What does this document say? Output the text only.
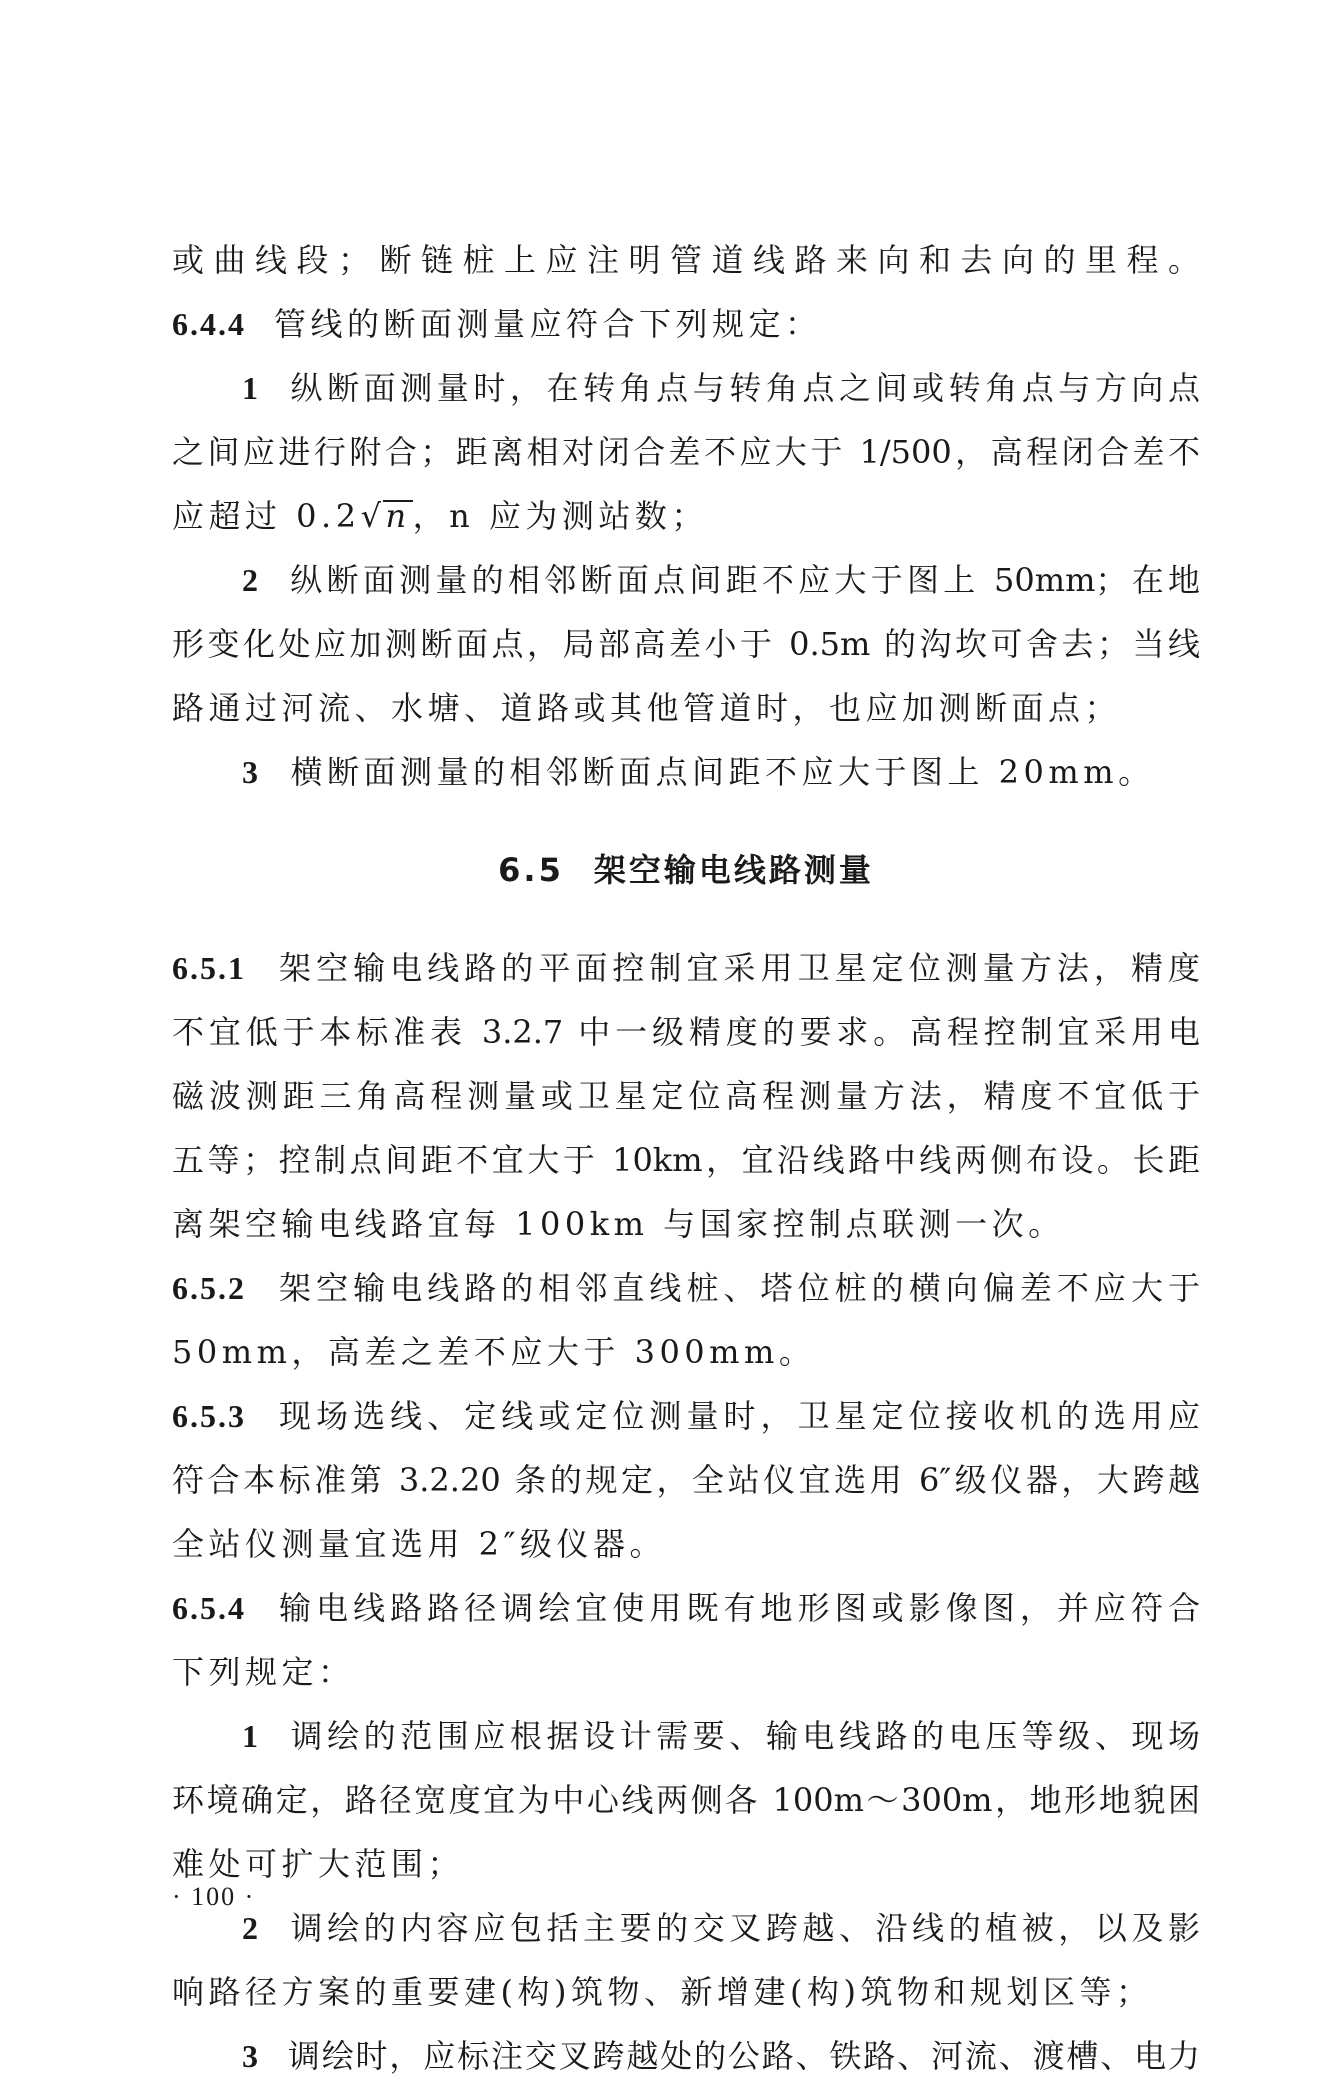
或曲线段；断链桩上应注明管道线路来向和去向的里程。
6.4.4 管线的断面测量应符合下列规定：
1 纵断面测量时，在转角点与转角点之间或转角点与方向点
之间应进行附合；距离相对闭合差不应大于 1/500，高程闭合差不
应超过 0.2√n，n 应为测站数；
2 纵断面测量的相邻断面点间距不应大于图上 50mm；在地
形变化处应加测断面点，局部高差小于 0.5m 的沟坎可舍去；当线
路通过河流、水塘、道路或其他管道时，也应加测断面点；
3 横断面测量的相邻断面点间距不应大于图上 20mm。
6.5 架空输电线路测量
6.5.1 架空输电线路的平面控制宜采用卫星定位测量方法，精度
不宜低于本标准表 3.2.7 中一级精度的要求。高程控制宜采用电
磁波测距三角高程测量或卫星定位高程测量方法，精度不宜低于
五等；控制点间距不宜大于 10km，宜沿线路中线两侧布设。长距
离架空输电线路宜每 100km 与国家控制点联测一次。
6.5.2 架空输电线路的相邻直线桩、塔位桩的横向偏差不应大于
50mm，高差之差不应大于 300mm。
6.5.3 现场选线、定线或定位测量时，卫星定位接收机的选用应
符合本标准第 3.2.20 条的规定，全站仪宜选用 6″级仪器，大跨越
全站仪测量宜选用 2″级仪器。
6.5.4 输电线路路径调绘宜使用既有地形图或影像图，并应符合
下列规定：
1 调绘的范围应根据设计需要、输电线路的电压等级、现场
环境确定，路径宽度宜为中心线两侧各 100m～300m，地形地貌困
难处可扩大范围；
2 调绘的内容应包括主要的交叉跨越、沿线的植被，以及影
响路径方案的重要建(构)筑物、新增建(构)筑物和规划区等；
3 调绘时，应标注交叉跨越处的公路、铁路、河流、渡槽、电力
· 100 ·
